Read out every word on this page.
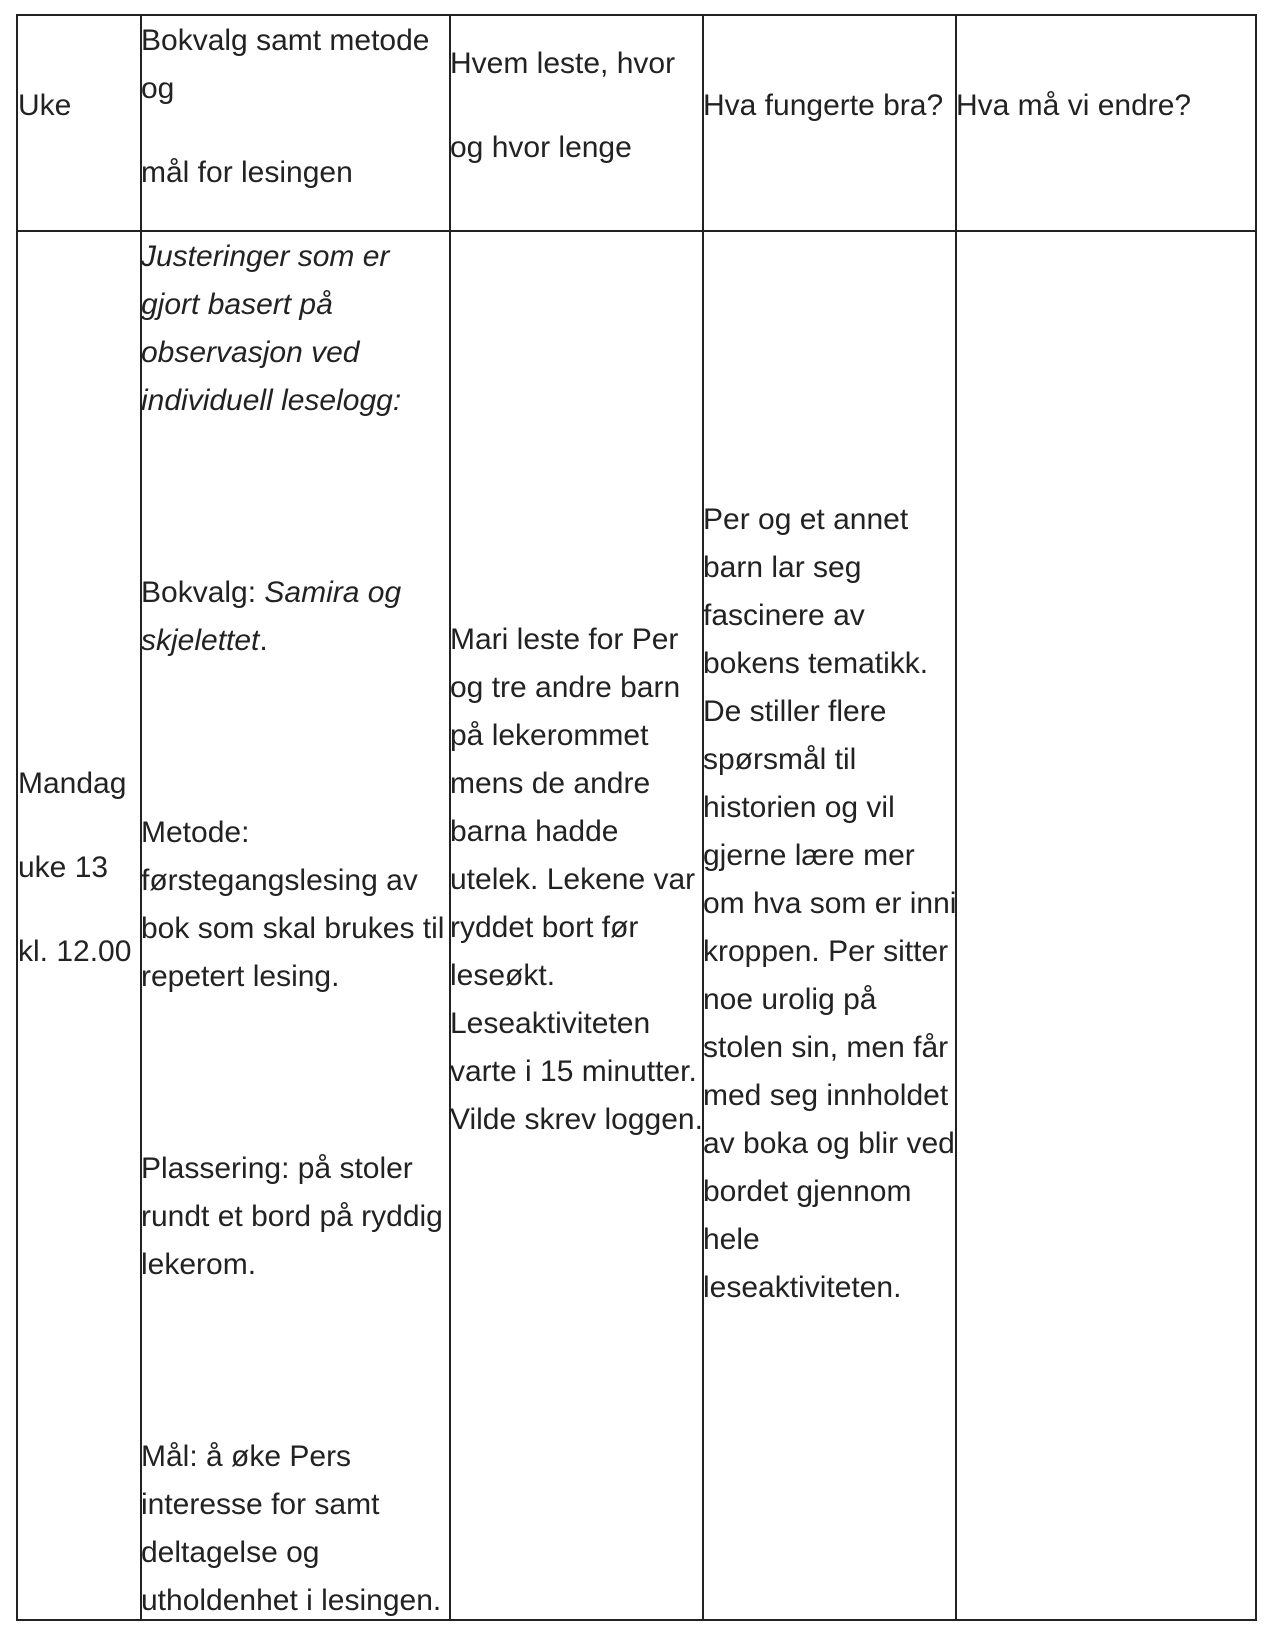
Uke

Bokvalg samt metode

og

mål for lesingen

Hvem leste, hvor

og hvor lenge

Hva fungerte bra? Hva må vi endre?

Mandag

uke 13

kl. 12.00

Justeringer som er

gjort basert på

observasjon ved

individuell leselogg:

Bokvalg: Samira og

skjelettet.

Metode:

førstegangslesing av

bok som skal brukes til

repetert lesing.

Plassering: på stoler

rundt et bord på ryddig

lekerom.

Mål: å øke Pers

interesse for samt

deltagelse og

utholdenhet i lesingen.

Mari leste for Per

og tre andre barn

på lekerommet

mens de andre

barna hadde

utelek. Lekene var

ryddet bort før

leseøkt.

Leseaktiviteten

varte i 15 minutter.

Vilde skrev loggen.

Per og et annet

barn lar seg

fascinere av

bokens tematikk.

De stiller flere

spørsmål til

historien og vil

gjerne lære mer

om hva som er inni

kroppen. Per sitter

noe urolig på

stolen sin, men får

med seg innholdet

av boka og blir ved

bordet gjennom

hele

leseaktiviteten.
